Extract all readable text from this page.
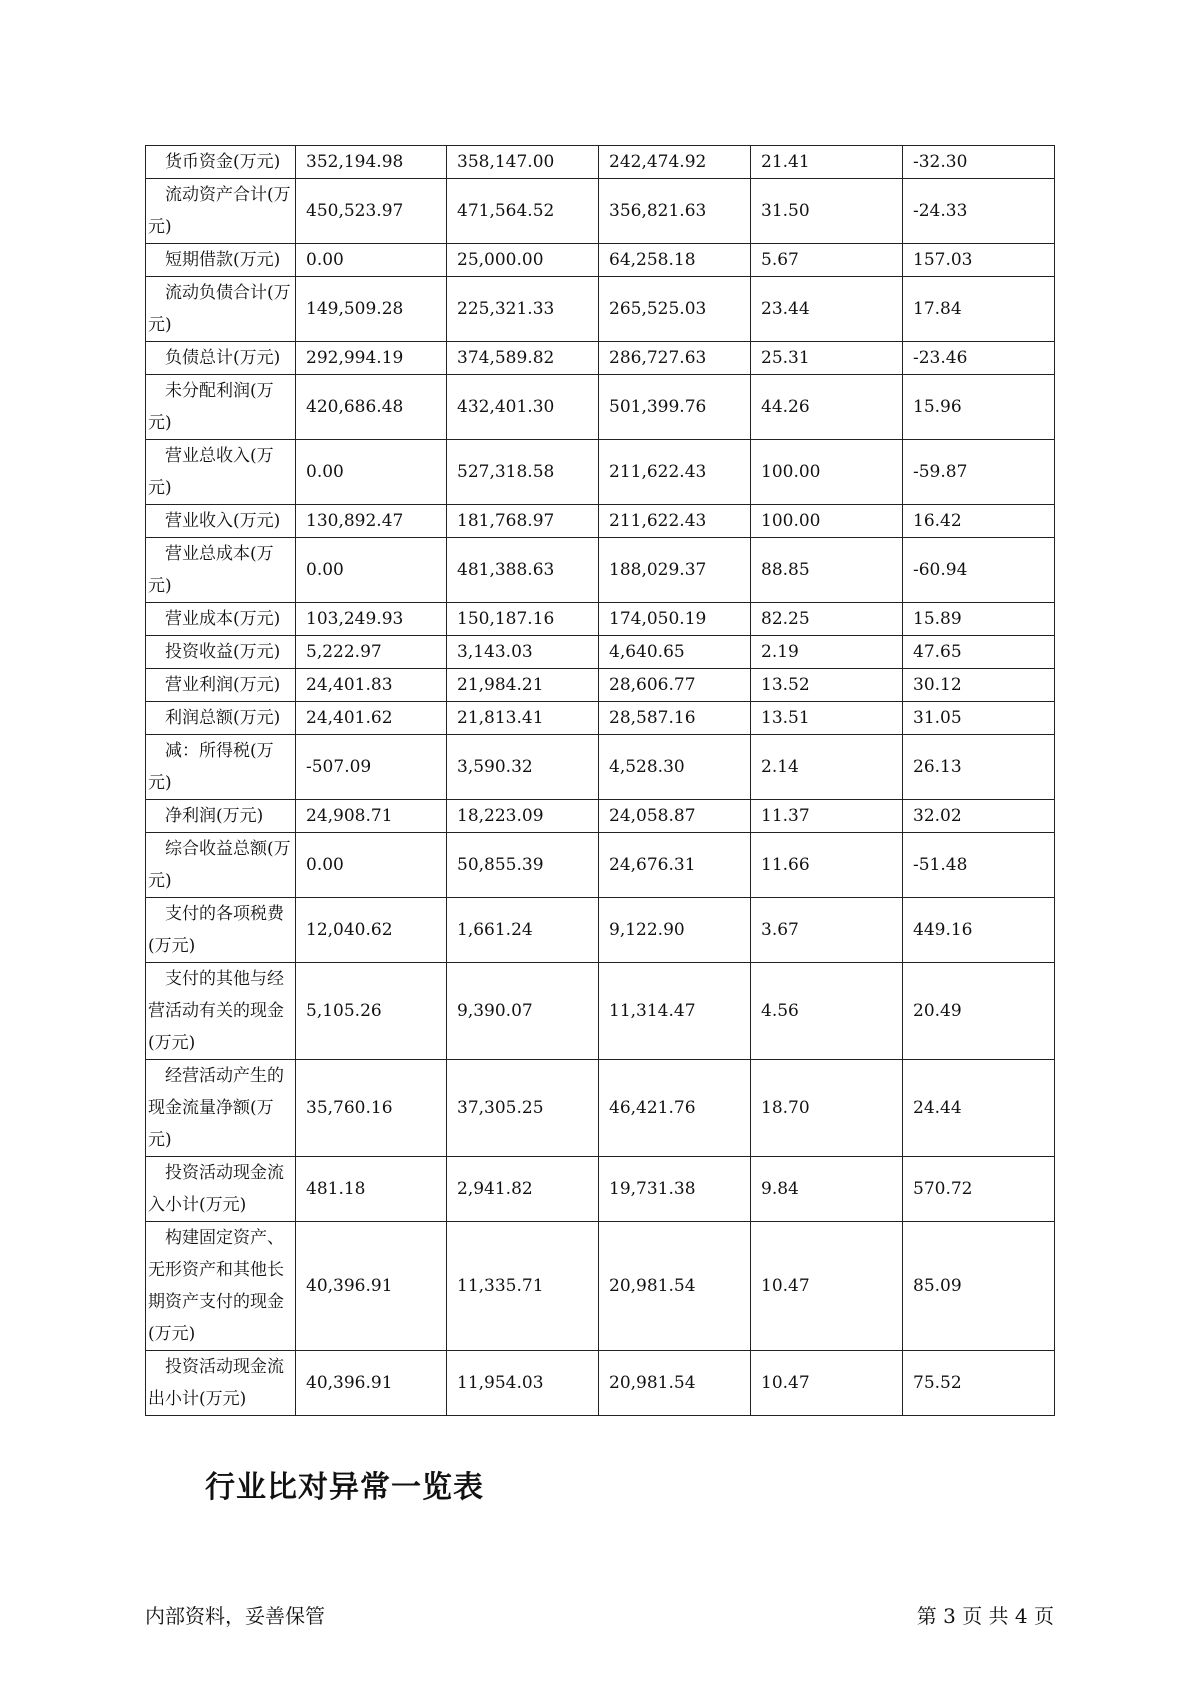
货币资金(万元)	352,194.98	358,147.00	242,474.92	21.41	-32.30
流动资产合计(万元)	450,523.97	471,564.52	356,821.63	31.50	-24.33
短期借款(万元)	0.00	25,000.00	64,258.18	5.67	157.03
流动负债合计(万元)	149,509.28	225,321.33	265,525.03	23.44	17.84
负债总计(万元)	292,994.19	374,589.82	286,727.63	25.31	-23.46
未分配利润(万元)	420,686.48	432,401.30	501,399.76	44.26	15.96
营业总收入(万元)	0.00	527,318.58	211,622.43	100.00	-59.87
营业收入(万元)	130,892.47	181,768.97	211,622.43	100.00	16.42
营业总成本(万元)	0.00	481,388.63	188,029.37	88.85	-60.94
营业成本(万元)	103,249.93	150,187.16	174,050.19	82.25	15.89
投资收益(万元)	5,222.97	3,143.03	4,640.65	2.19	47.65
营业利润(万元)	24,401.83	21,984.21	28,606.77	13.52	30.12
利润总额(万元)	24,401.62	21,813.41	28,587.16	13.51	31.05
减：所得税(万元)	-507.09	3,590.32	4,528.30	2.14	26.13
净利润(万元)	24,908.71	18,223.09	24,058.87	11.37	32.02
综合收益总额(万元)	0.00	50,855.39	24,676.31	11.66	-51.48
支付的各项税费(万元)	12,040.62	1,661.24	9,122.90	3.67	449.16
支付的其他与经营活动有关的现金(万元)	5,105.26	9,390.07	11,314.47	4.56	20.49
经营活动产生的现金流量净额(万元)	35,760.16	37,305.25	46,421.76	18.70	24.44
投资活动现金流入小计(万元)	481.18	2,941.82	19,731.38	9.84	570.72
构建固定资产、无形资产和其他长期资产支付的现金(万元)	40,396.91	11,335.71	20,981.54	10.47	85.09
投资活动现金流出小计(万元)	40,396.91	11,954.03	20,981.54	10.47	75.52
行业比对异常一览表
内部资料，妥善保管	第 3 页 共 4 页
